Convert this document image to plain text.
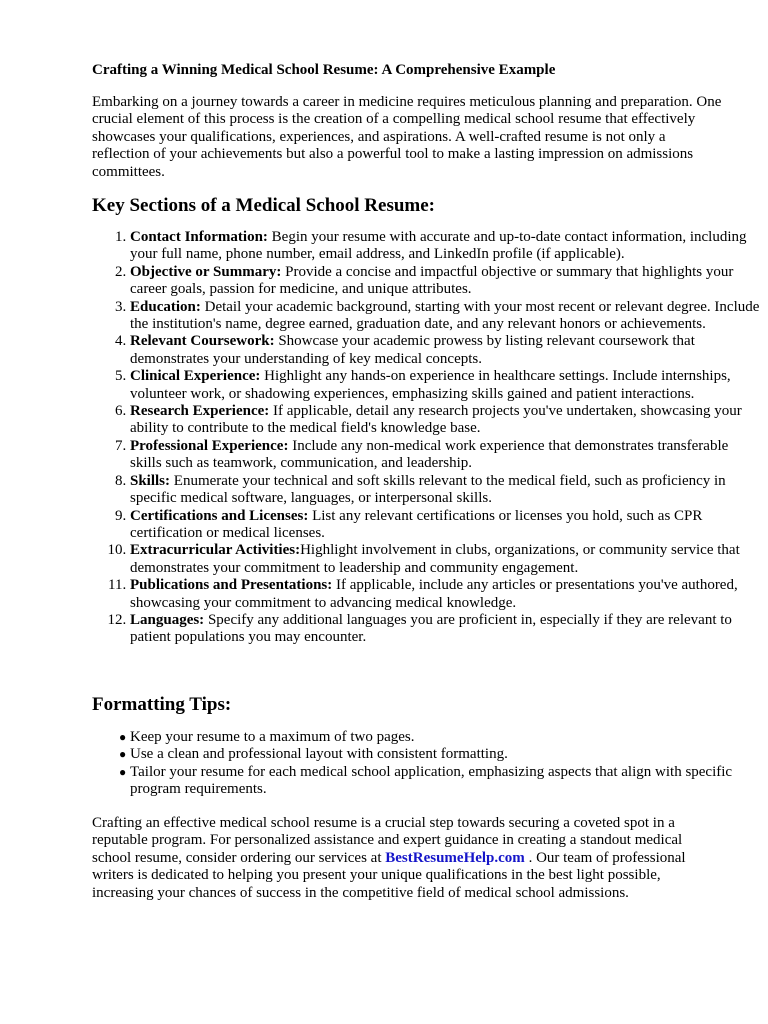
Crafting a Winning Medical School Resume: A Comprehensive Example

Embarking on a journey towards a career in medicine requires meticulous planning and preparation. One crucial element of this process is the creation of a compelling medical school resume that effectively showcases your qualifications, experiences, and aspirations. A well-crafted resume is not only a reflection of your achievements but also a powerful tool to make a lasting impression on admissions committees.

Key Sections of a Medical School Resume:
1. Contact Information: Begin your resume with accurate and up-to-date contact information, including your full name, phone number, email address, and LinkedIn profile (if applicable).
2. Objective or Summary: Provide a concise and impactful objective or summary that highlights your career goals, passion for medicine, and unique attributes.
3. Education: Detail your academic background, starting with your most recent or relevant degree. Include the institution's name, degree earned, graduation date, and any relevant honors or achievements.
4. Relevant Coursework: Showcase your academic prowess by listing relevant coursework that demonstrates your understanding of key medical concepts.
5. Clinical Experience: Highlight any hands-on experience in healthcare settings. Include internships, volunteer work, or shadowing experiences, emphasizing skills gained and patient interactions.
6. Research Experience: If applicable, detail any research projects you've undertaken, showcasing your ability to contribute to the medical field's knowledge base.
7. Professional Experience: Include any non-medical work experience that demonstrates transferable skills such as teamwork, communication, and leadership.
8. Skills: Enumerate your technical and soft skills relevant to the medical field, such as proficiency in specific medical software, languages, or interpersonal skills.
9. Certifications and Licenses: List any relevant certifications or licenses you hold, such as CPR certification or medical licenses.
10. Extracurricular Activities:Highlight involvement in clubs, organizations, or community service that demonstrates your commitment to leadership and community engagement.
11. Publications and Presentations: If applicable, include any articles or presentations you've authored, showcasing your commitment to advancing medical knowledge.
12. Languages: Specify any additional languages you are proficient in, especially if they are relevant to patient populations you may encounter.
Formatting Tips:
● Keep your resume to a maximum of two pages.
● Use a clean and professional layout with consistent formatting.
● Tailor your resume for each medical school application, emphasizing aspects that align with specific program requirements.

Crafting an effective medical school resume is a crucial step towards securing a coveted spot in a reputable program. For personalized assistance and expert guidance in creating a standout medical school resume, consider ordering our services at BestResumeHelp.com . Our team of professional writers is dedicated to helping you present your unique qualifications in the best light possible, increasing your chances of success in the competitive field of medical school admissions.
